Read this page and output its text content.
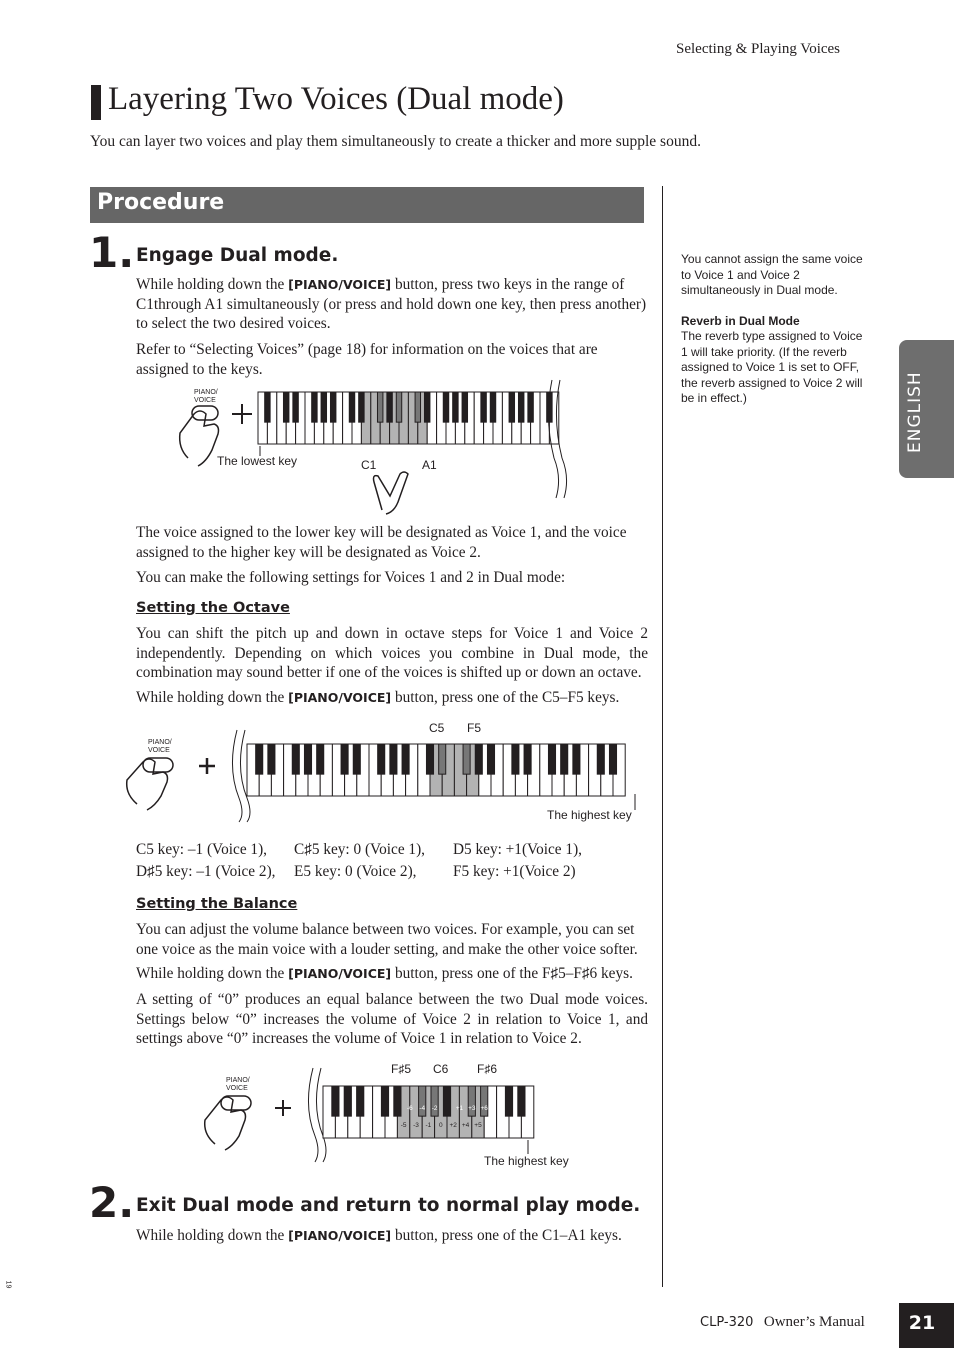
Selecting & Playing Voices
Layering Two Voices (Dual mode)
You can layer two voices and play them simultaneously to create a thicker and more supple sound.
Procedure
1. Engage Dual mode.
While holding down the [PIANO/VOICE] button, press two keys in the range of C1through A1 simultaneously (or press and hold down one key, then press another) to select the two desired voices.
Refer to “Selecting Voices” (page 18) for information on the voices that are assigned to the keys.
PIANO/
VOICE
The lowest key	C1	A1
The voice assigned to the lower key will be designated as Voice 1, and the voice assigned to the higher key will be designated as Voice 2.
You can make the following settings for Voices 1 and 2 in Dual mode:
Setting the Octave
You can shift the pitch up and down in octave steps for Voice 1 and Voice 2 independently. Depending on which voices you combine in Dual mode, the combination may sound better if one of the voices is shifted up or down an octave.
While holding down the [PIANO/VOICE] button, press one of the C5–F5 keys.
PIANO/
VOICE
C5 F5
The highest key
C5 key: –1 (Voice 1),	C♯5 key: 0 (Voice 1),	D5 key: +1(Voice 1),
D♯5 key: –1 (Voice 2),	E5 key: 0 (Voice 2),	F5 key: +1(Voice 2)
Setting the Balance
You can adjust the volume balance between two voices. For example, you can set one voice as the main voice with a louder setting, and make the other voice softer.
While holding down the [PIANO/VOICE] button, press one of the F♯5–F♯6 keys.
A setting of “0” produces an equal balance between the two Dual mode voices. Settings below “0” increases the volume of Voice 2 in relation to Voice 1, and settings above “0” increases the volume of Voice 1 in relation to Voice 2.
-6 -4 -2	+1 +3 +6
-5 -3 -1 0 +2 +4 +5
PIANO/
VOICE
F♯5 C6 F♯6
The highest key
2. Exit Dual mode and return to normal play mode.
While holding down the [PIANO/VOICE] button, press one of the C1–A1 keys.
You cannot assign the same voice to Voice 1 and Voice 2 simultaneously in Dual mode.
Reverb in Dual Mode
The reverb type assigned to Voice 1 will take priority. (If the reverb assigned to Voice 1 is set to OFF, the reverb assigned to Voice 2 will be in effect.)	ENGLISH
19
CLP-320 Owner’s Manual	21
